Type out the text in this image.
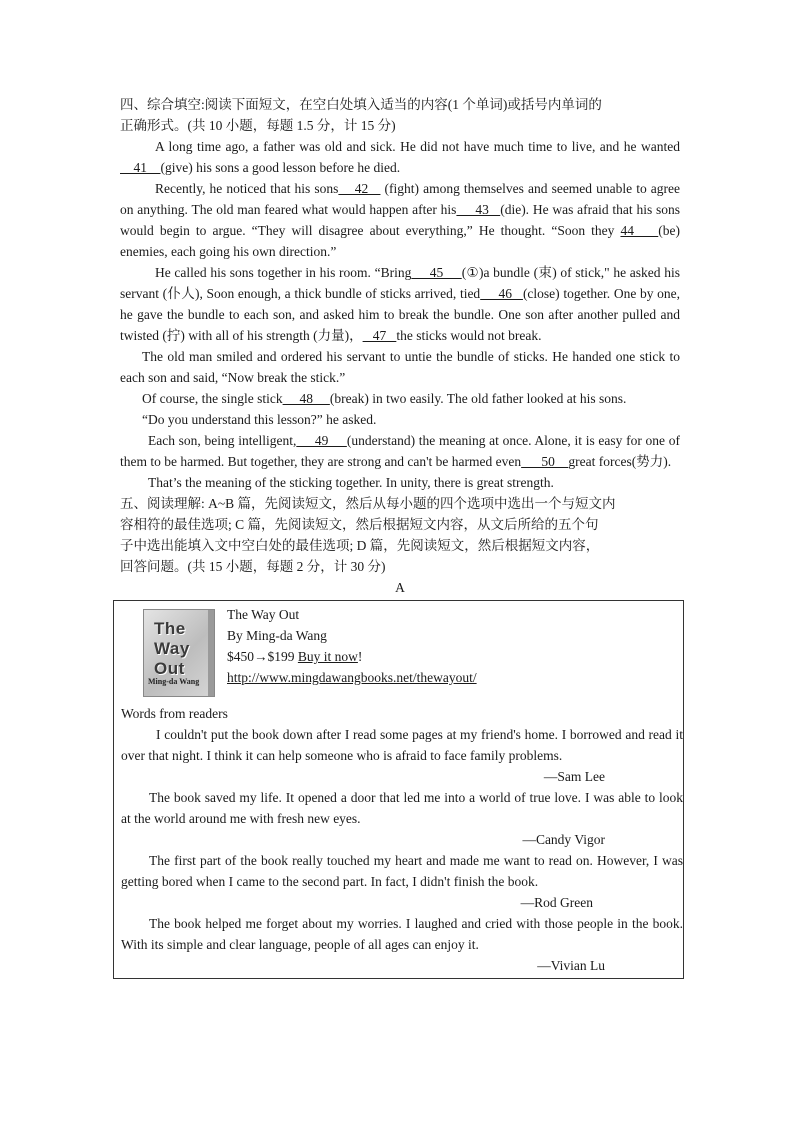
四、综合填空:阅读下面短文，在空白处填入适当的内容(1 个单词)或括号内单词的
正确形式。(共 10 小题，每题 1.5 分，计 15 分)

A long time ago, a father was old and sick. He did not have much time to live, and he wanted    41    (give) his sons a good lesson before he died.

Recently, he noticed that his sons    42    (fight) among themselves and seemed unable to agree on anything. The old man feared what would happen after his     43   (die). He was afraid that his sons would begin to argue. “They will disagree about everything,” He thought. “Soon they 44    (be) enemies, each going his own direction.”

He called his sons together in his room. “Bring     45     (①)a bundle (束) of stick," he asked his servant (仆人), Soon enough, a thick bundle of sticks arrived, tied     46   (close) together. One by one, he gave the bundle to each son, and asked him to break the bundle. One son after another pulled and twisted (拧) with all of his strength (力量)，   47   the sticks would not break.

The old man smiled and ordered his servant to untie the bundle of sticks. He handed one stick to each son and said, “Now break the stick.”

Of course, the single stick     48     (break) in two easily. The old father looked at his sons.

“Do you understand this lesson?” he asked.

Each son, being intelligent,     49     (understand) the meaning at once. Alone, it is easy for one of them to be harmed. But together, they are strong and can't be harmed even      50    great forces(势力).

That’s the meaning of the sticking together. In unity, there is great strength.

五、阅读理解: A~B 篇，先阅读短文，然后从每小题的四个选项中选出一个与短文内
容相符的最佳选项; C 篇，先阅读短文，然后根据短文内容，从文后所给的五个句
子中选出能填入文中空白处的最佳选项; D 篇，先阅读短文，然后根据短文内容，
回答问题。(共 15 小题，每题 2 分，计 30 分)

A

The
Way
Out
Ming-da Wang

The Way Out

By Ming-da Wang

$450→$199 Buy it now!

http://www.mingdawangbooks.net/thewayout/

Words from readers

I couldn't put the book down after I read some pages at my friend's home. I borrowed and read it over that night. I think it can help someone who is afraid to face family problems.

—Sam Lee

The book saved my life. It opened a door that led me into a world of true love. I was able to look at the world around me with fresh new eyes.

—Candy Vigor

The first part of the book really touched my heart and made me want to read on. However, I was getting bored when I came to the second part. In fact, I didn't finish the book.

—Rod Green

The book helped me forget about my worries. I laughed and cried with those people in the book. With its simple and clear language, people of all ages can enjoy it.

—Vivian Lu
